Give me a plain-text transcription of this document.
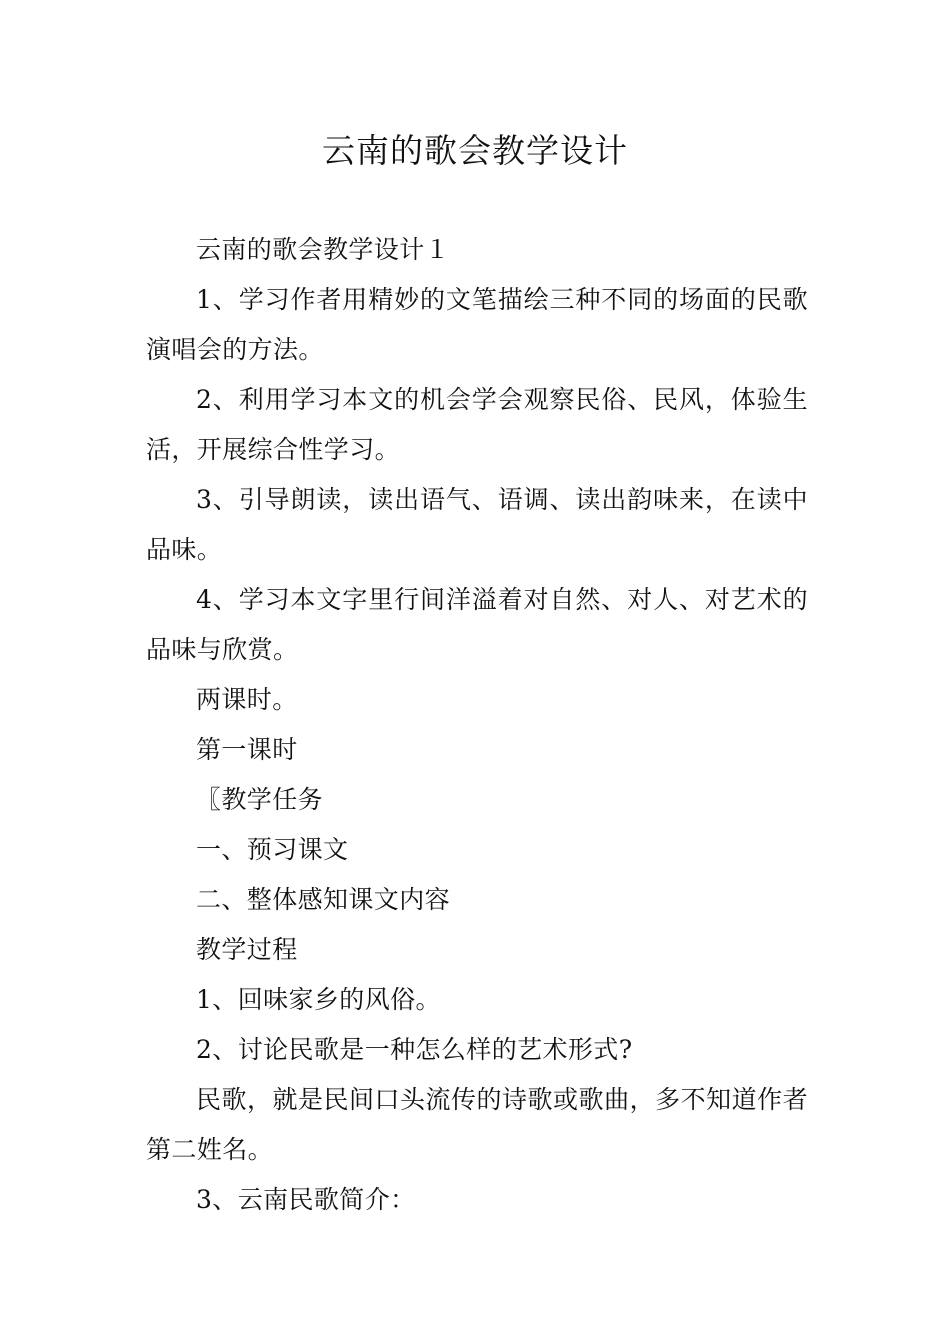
云南的歌会教学设计

云南的歌会教学设计１

1、学习作者用精妙的文笔描绘三种不同的场面的民歌演唱会的方法。

2、利用学习本文的机会学会观察民俗、民风，体验生活，开展综合性学习。

3、引导朗读，读出语气、语调、读出韵味来，在读中品味。

4、学习本文字里行间洋溢着对自然、对人、对艺术的品味与欣赏。

两课时。

第一课时

〖教学任务

一、预习课文

二、整体感知课文内容

教学过程

1、回味家乡的风俗。

2、讨论民歌是一种怎么样的艺术形式?

民歌，就是民间口头流传的诗歌或歌曲，多不知道作者第二姓名。

3、云南民歌简介：
